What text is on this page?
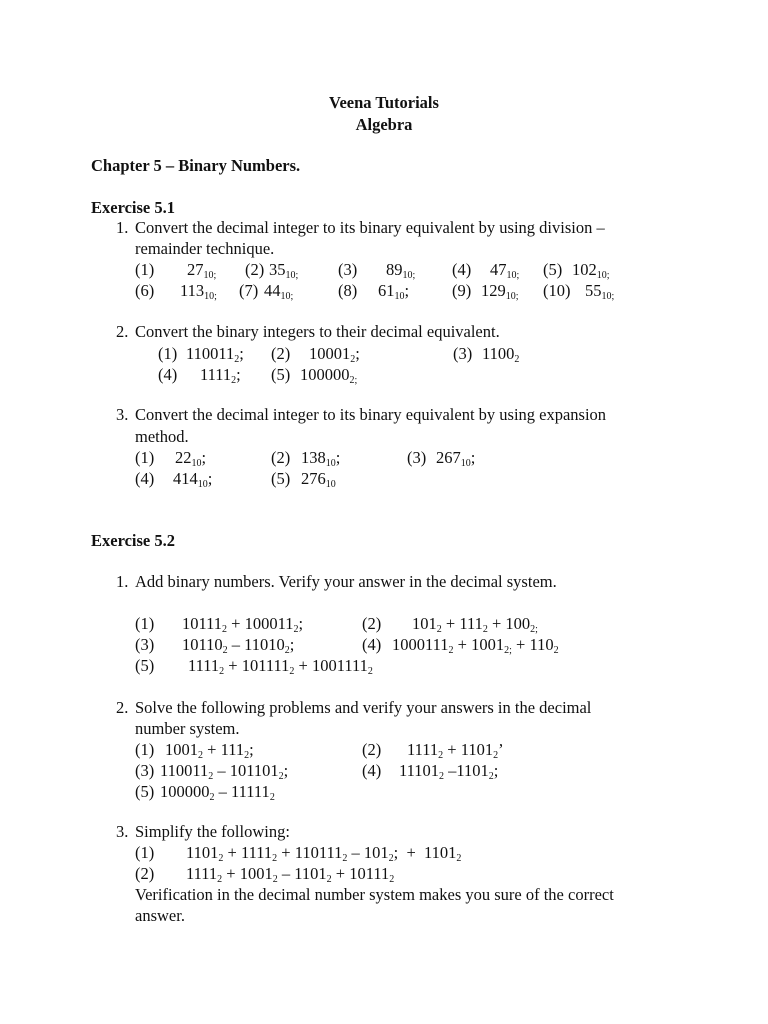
Veena Tutorials
Algebra
Chapter 5 – Binary Numbers.
Exercise 5.1
1. Convert the decimal integer to its binary equivalent by using division –
remainder technique.
(1) $27_{10;}$ (2) $35_{10;}$ (3) $89_{10;}$ (4) $47_{10;}$ (5) $102_{10;}$
(6) $113_{10;}$ (7) $44_{10;}$	(8) $61_{10}$;	(9) $129_{10;}$ (10) $55_{10;}$
2. Convert the binary integers to their decimal equivalent.
(1) $110011_2$; (2) $10001_2$;	(3) $1100_2$
(4) $1111_2$; (5) $100000_{2;}$
3. Convert the decimal integer to its binary equivalent by using expansion
method.
(1) $22_{10}$;	(2) $138_{10}$;	(3) $267_{10}$;
(4) $414_{10}$;	(5) $276_{10}$
Exercise 5.2
1. Add binary numbers. Verify your answer in the decimal system.
(1) $10111_2 + 100011_2$;	(2) $101_2 + 111_2 + 100_{2;}$
(3) $10110_2 - 11010_2$;	(4) $1000111_2 + 1001_{2;} + 110_2$
(5) $1111_2 + 101111_2 + 1001111_2$
2. Solve the following problems and verify your answers in the decimal
number system.
(1) $1001_2 + 111_2$;	(2) $1111_2 + 1101_2$’
(3) $110011_2 - 101101_2$;	(4) $11101_2$ $-1101_2$;
(5) $100000_2 - 11111_2$
3. Simplify the following:
(1) $1101_2 + 1111_2 + 110111_2 - 101_2$;  +  $1101_2$
(2) $1111_2 + 1001_2 - 1101_2 + 10111_2$
Verification in the decimal number system makes you sure of the correct
answer.
